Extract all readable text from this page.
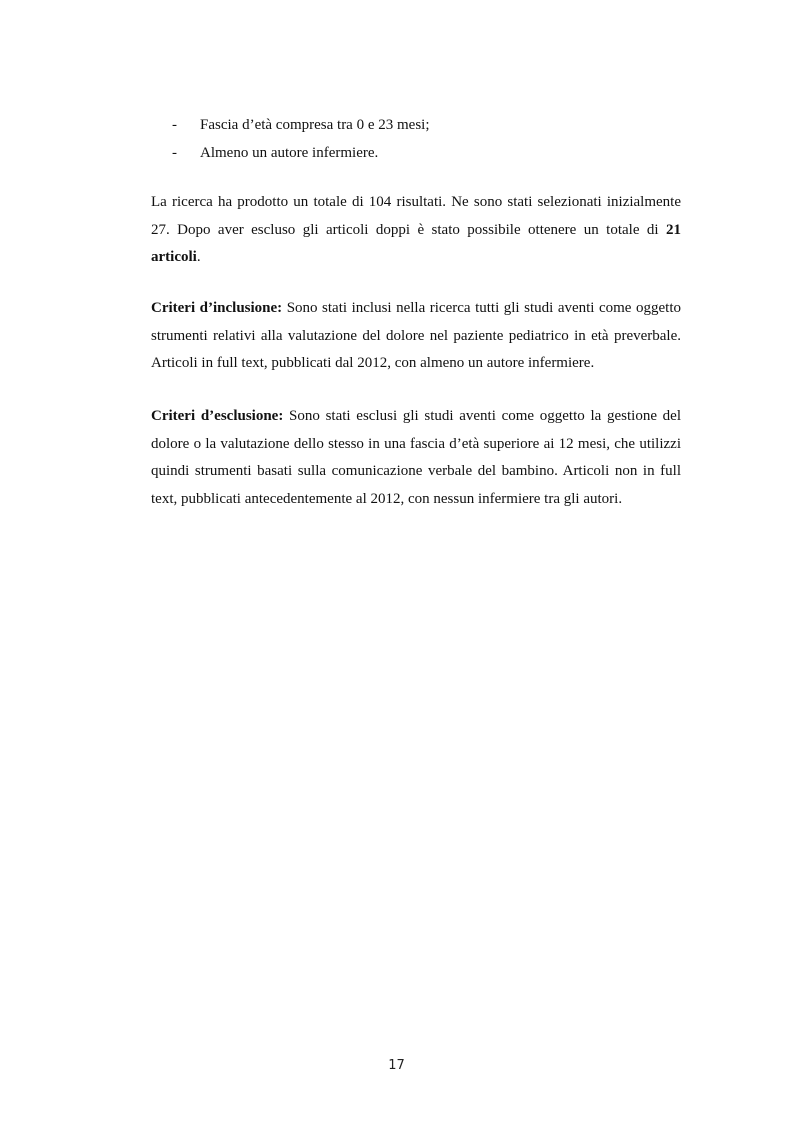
- Fascia d’età compresa tra 0 e 23 mesi;
- Almeno un autore infermiere.

La ricerca ha prodotto un totale di 104 risultati. Ne sono stati selezionati inizialmente 27. Dopo aver escluso gli articoli doppi è stato possibile ottenere un totale di 21 articoli.

Criteri d’inclusione: Sono stati inclusi nella ricerca tutti gli studi aventi come oggetto strumenti relativi alla valutazione del dolore nel paziente pediatrico in età preverbale. Articoli in full text, pubblicati dal 2012, con almeno un autore infermiere.

Criteri d’esclusione: Sono stati esclusi gli studi aventi come oggetto la gestione del dolore o la valutazione dello stesso in una fascia d’età superiore ai 12 mesi, che utilizzi quindi strumenti basati sulla comunicazione verbale del bambino. Articoli non in full text, pubblicati antecedentemente al 2012, con nessun infermiere tra gli autori.

17
